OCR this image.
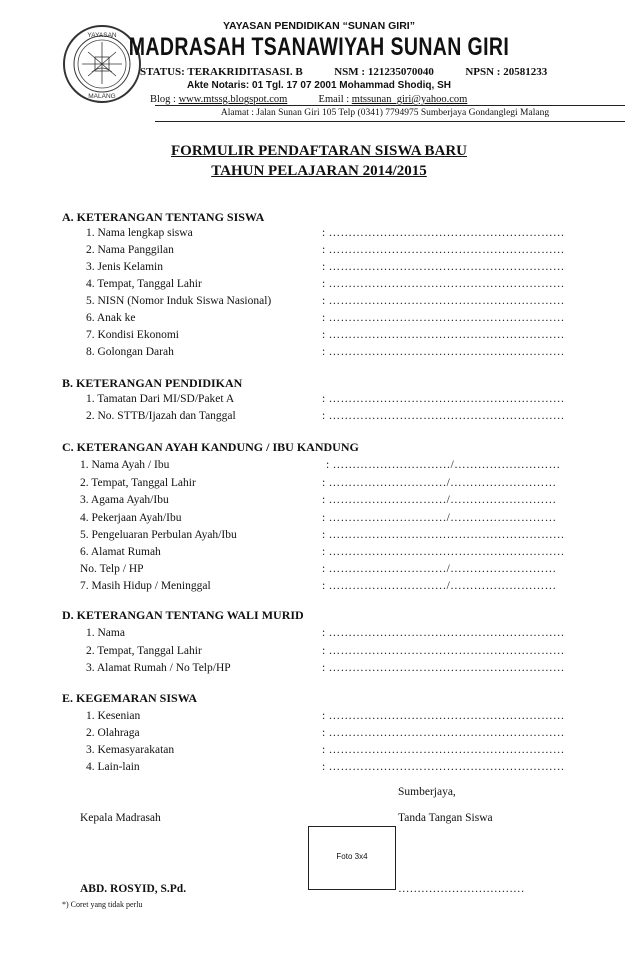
YAYASAN
MALANG
YAYASAN PENDIDIKAN “SUNAN GIRI”
MADRASAH TSANAWIYAH SUNAN GIRI
STATUS: TERAKRIDITASASI. B	NSM : 121235070040	NPSN : 20581233
Akte Notaris: 01 Tgl. 17 07 2001 Mohammad Shodiq, SH
Blog : www.mtssg.blogspot.com	Email : mtssunan_giri@yahoo.com
Alamat : Jalan Sunan Giri 105 Telp (0341) 7794975 Sumberjaya Gondanglegi Malang
FORMULIR PENDAFTARAN SISWA BARU
TAHUN PELAJARAN 2014/2015
A. KETERANGAN TENTANG SISWA
1. Nama lengkap siswa	: ……………………………………………………
2. Nama Panggilan	: ……………………………………………………
3. Jenis Kelamin	: ……………………………………………………
4. Tempat, Tanggal Lahir	: ……………………………………………………
5. NISN (Nomor Induk Siswa Nasional)	: ……………………………………………………
6. Anak ke	: ……………………………………………………
7. Kondisi Ekonomi	: ……………………………………………………
8. Golongan Darah	: ……………………………………………………
B. KETERANGAN PENDIDIKAN
1. Tamatan Dari MI/SD/Paket A	: ……………………………………………………
2. No. STTB/Ijazah dan Tanggal	: ……………………………………………………
C. KETERANGAN AYAH KANDUNG / IBU KANDUNG
1. Nama Ayah / Ibu	: …………………………/………………………
2. Tempat, Tanggal Lahir	: …………………………/………………………
3. Agama Ayah/Ibu	: …………………………/………………………
4. Pekerjaan Ayah/Ibu	: …………………………/………………………
5. Pengeluaran Perbulan Ayah/Ibu	: ……………………………………………………
6. Alamat Rumah	: ……………………………………………………
No. Telp / HP	: …………………………/………………………
7. Masih Hidup / Meninggal	: …………………………/………………………
D. KETERANGAN TENTANG WALI MURID
1. Nama	: ……………………………………………………
2. Tempat, Tanggal Lahir	: ……………………………………………………
3. Alamat Rumah / No Telp/HP	: ……………………………………………………
E. KEGEMARAN SISWA
1. Kesenian	: ……………………………………………………
2. Olahraga	: ……………………………………………………
3. Kemasyarakatan	: ……………………………………………………
4. Lain-lain	: ……………………………………………………
Sumberjaya,
Kepala Madrasah	Tanda Tangan Siswa
Foto 3x4
ABD. ROSYID, S.Pd.	……………………………
*) Coret yang tidak perlu
